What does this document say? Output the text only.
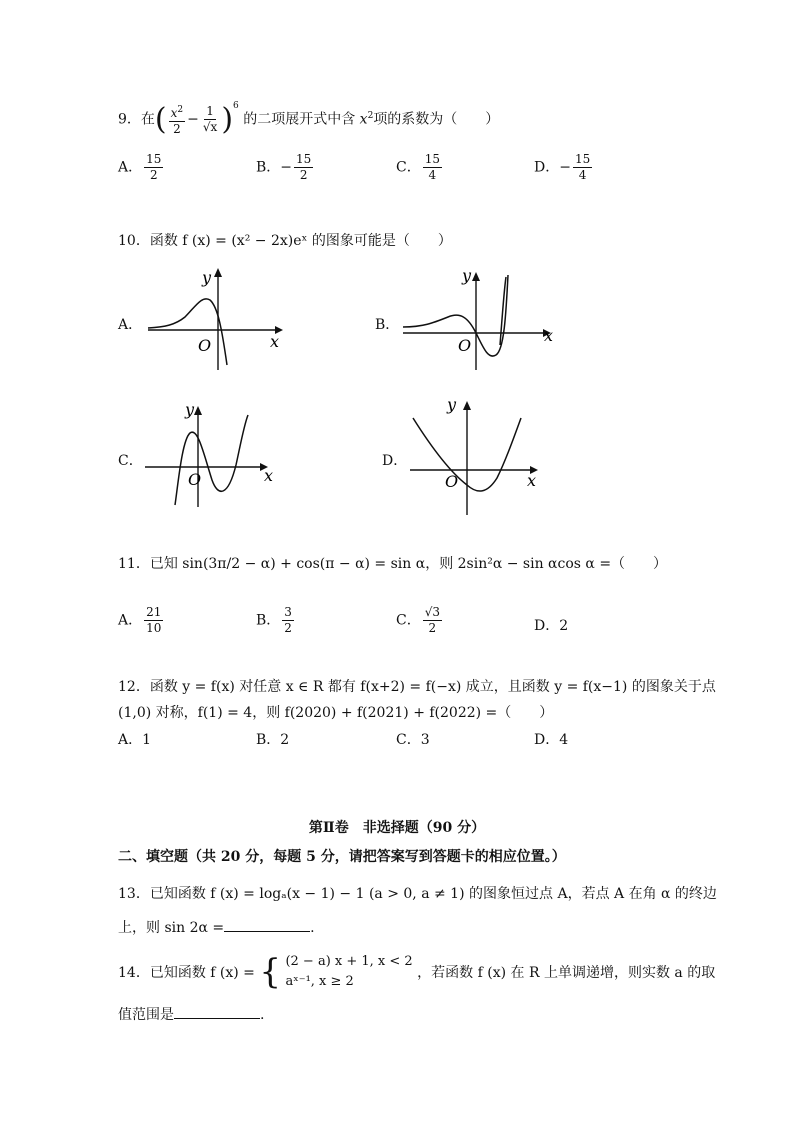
9．在( $\frac{x^2}{2} - \frac{1}{√x} )^6$ 的二项展开式中含 $x^2$项的系数为（　　）
A． $\frac{15}{2}$	B．− $\frac{15}{2}$	C． $\frac{15}{4}$	D．− $\frac{15}{4}$
10．函数 f (x) = (x² − 2x)eˣ 的图象可能是（　　）
A．
x
y
O
B．
x
y
O
C．
x
y
O
D．
x
y
O
11．已知 sin(3π/2 − α) + cos(π − α) = sin α，则 2sin²α − sin αcos α =（　　）
A． $\frac{21}{10}$	B． $\frac{3}{2}$	C． $\frac{√3}{2}$	D．2
12．函数 y = f(x) 对任意 x ∈ R 都有 f(x+2) = f(−x) 成立，且函数 y = f(x−1) 的图象关于点
(1,0) 对称，f(1) = 4，则 f(2020) + f(2021) + f(2022) =（　　）
A．1	B．2	C．3	D．4
第Ⅱ卷　非选择题（90 分）
二、填空题（共 20 分，每题 5 分，请把答案写到答题卡的相应位置。）
13．已知函数 f (x) = logₐ(x − 1) − 1 (a > 0, a ≠ 1) 的图象恒过点 A，若点 A 在角 α 的终边
上，则 sin 2α =	.
14．已知函数 f (x) = { (2 − a) x + 1, x < 2
aˣ⁻¹, x ≥ 2
，若函数 f (x) 在 R 上单调递增，则实数 a 的取
值范围是	.
